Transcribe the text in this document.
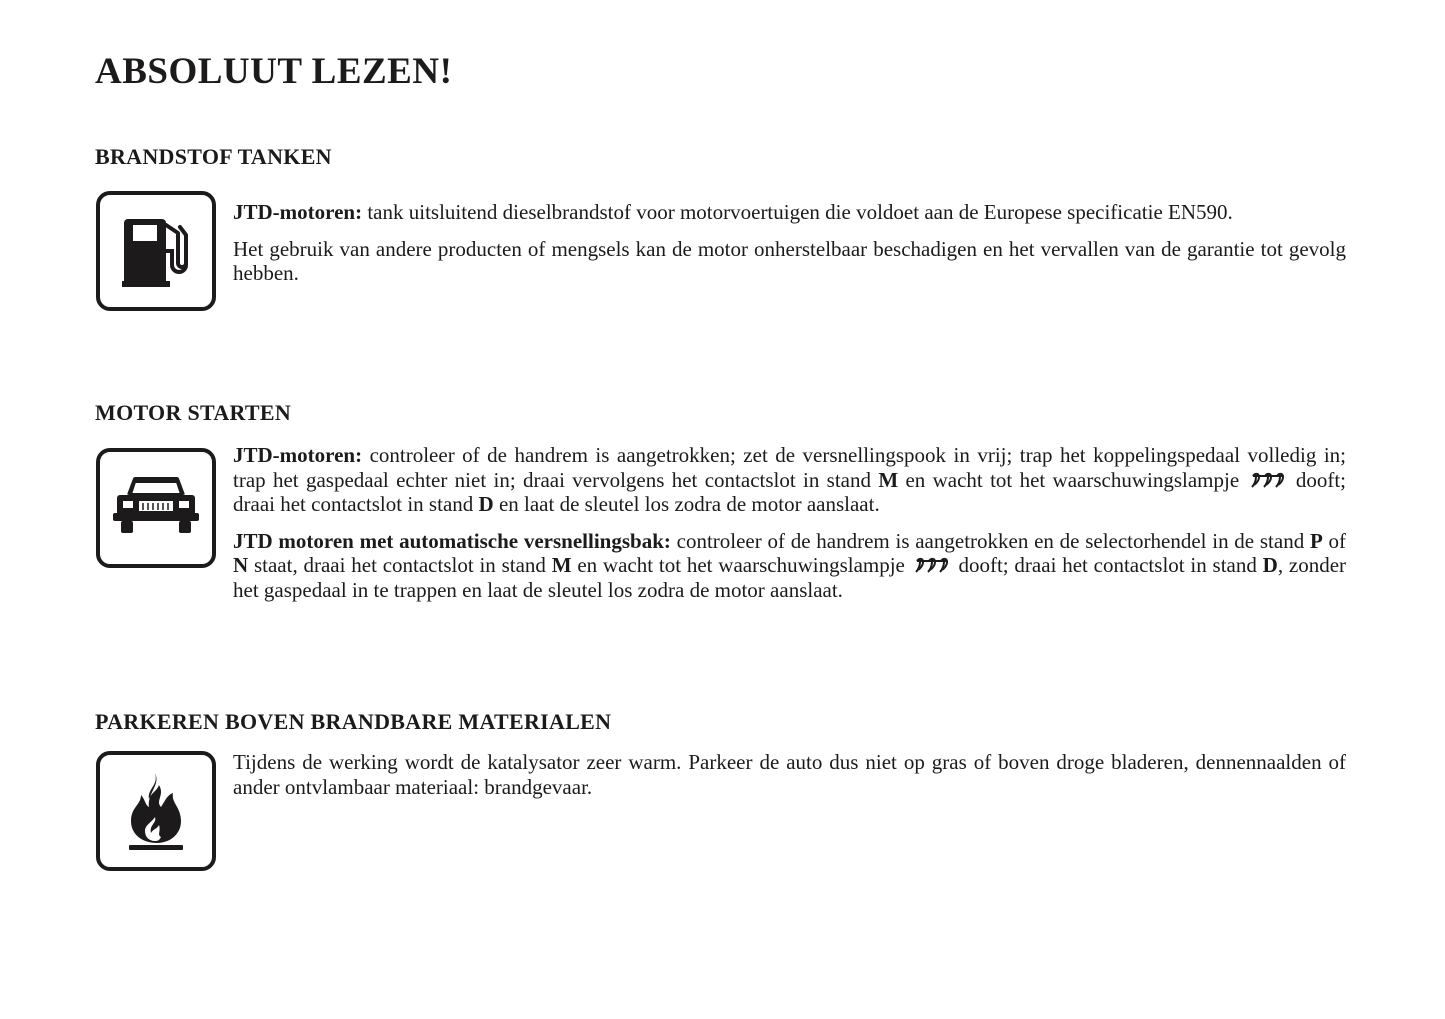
ABSOLUUT LEZEN!
BRANDSTOF TANKEN

JTD-motoren: tank uitsluitend dieselbrandstof voor motorvoertuigen die voldoet aan de Europese specificatie EN590.

Het gebruik van andere producten of mengsels kan de motor onherstelbaar beschadigen en het vervallen van de garantie tot gevolg hebben.

MOTOR STARTEN

JTD-motoren: controleer of de handrem is aangetrokken; zet de versnellingspook in vrij; trap het koppelingspedaal volledig in; trap het gaspedaal echter niet in; draai vervolgens het contactslot in stand M en wacht tot het waarschuwingslampje  dooft; draai het contactslot in stand D en laat de sleutel los zodra de motor aanslaat.

JTD motoren met automatische versnellingsbak: controleer of de handrem is aangetrokken en de selectorhendel in de stand P of N staat, draai het contactslot in stand M en wacht tot het waarschuwingslampje  dooft; draai het contactslot in stand D, zonder het gaspedaal in te trappen en laat de sleutel los zodra de motor aanslaat.

PARKEREN BOVEN BRANDBARE MATERIALEN

Tijdens de werking wordt de katalysator zeer warm. Parkeer de auto dus niet op gras of boven droge bladeren, dennennaalden of ander ontvlambaar materiaal: brandgevaar.
